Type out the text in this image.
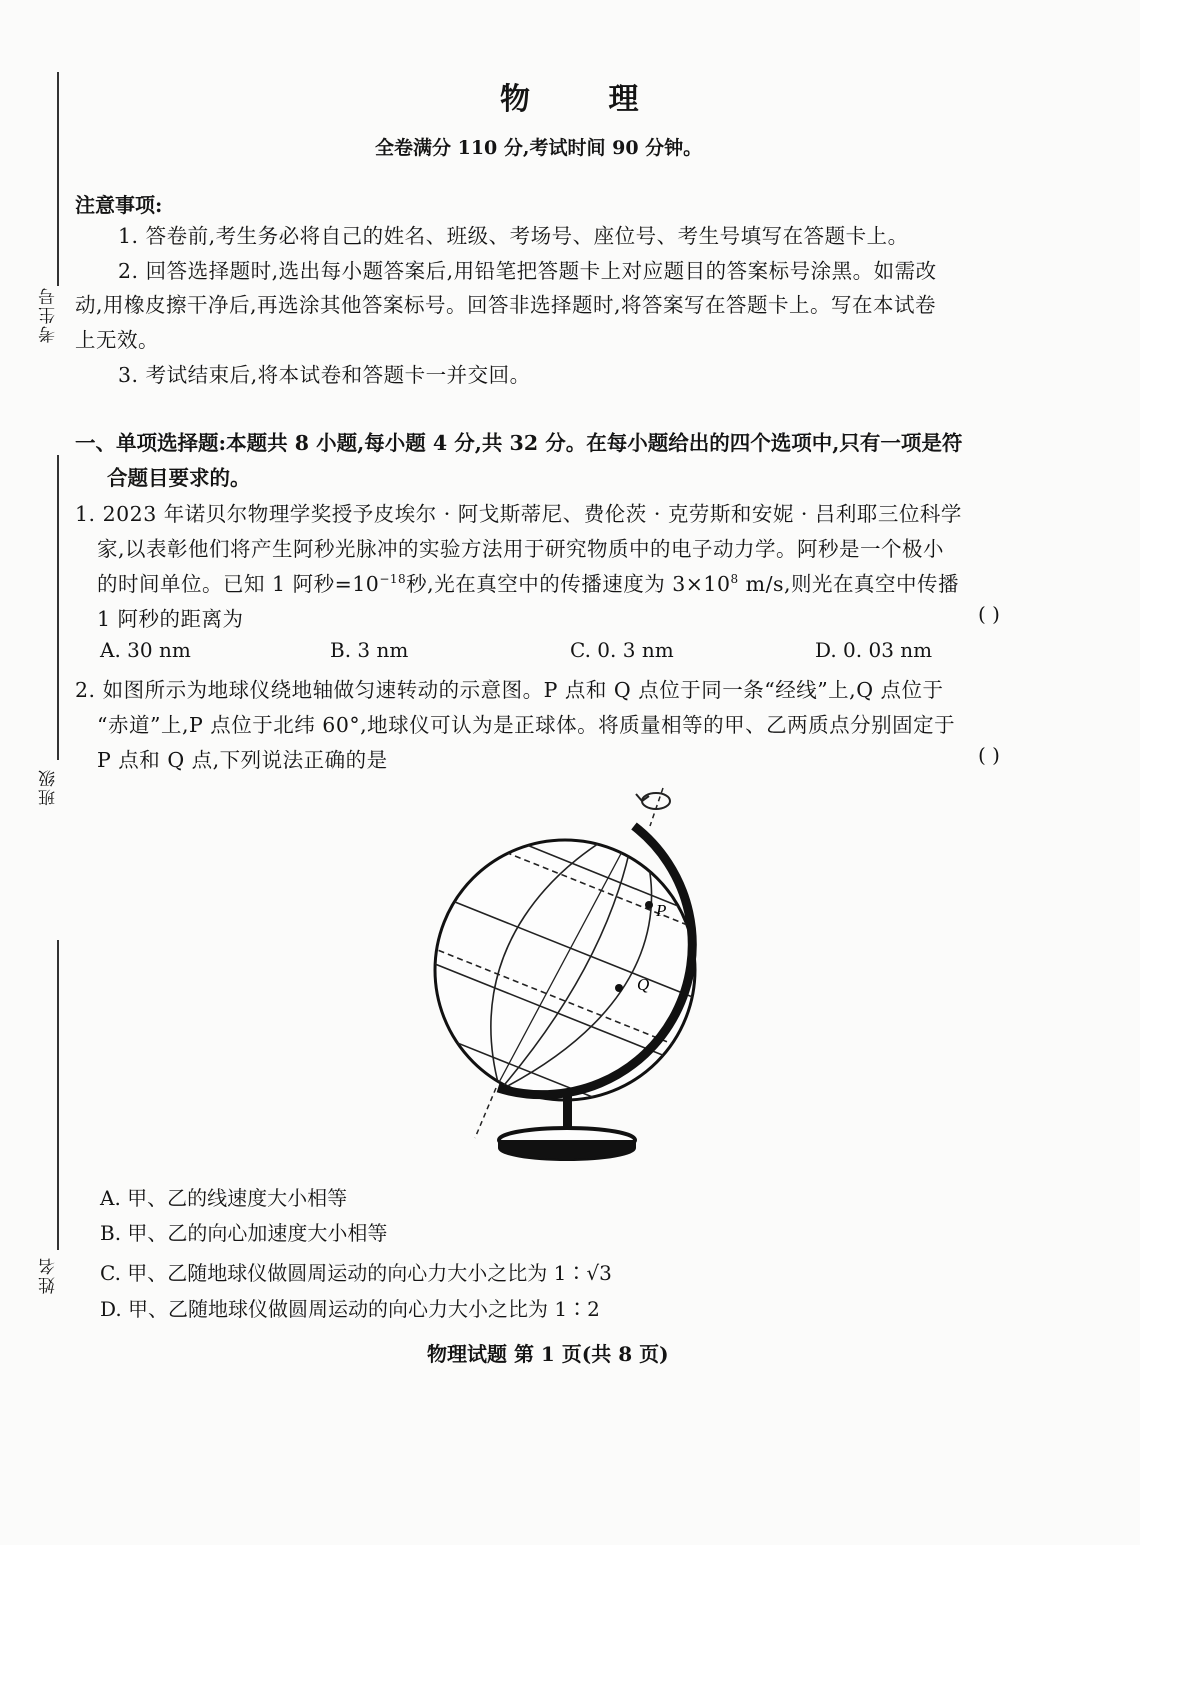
考生号
班级
姓名
物 理
全卷满分 110 分,考试时间 90 分钟。
注意事项:
1. 答卷前,考生务必将自己的姓名、班级、考场号、座位号、考生号填写在答题卡上。
2. 回答选择题时,选出每小题答案后,用铅笔把答题卡上对应题目的答案标号涂黑。如需改
动,用橡皮擦干净后,再选涂其他答案标号。回答非选择题时,将答案写在答题卡上。写在本试卷
上无效。
3. 考试结束后,将本试卷和答题卡一并交回。
一、单项选择题:本题共 8 小题,每小题 4 分,共 32 分。在每小题给出的四个选项中,只有一项是符
合题目要求的。
1. 2023 年诺贝尔物理学奖授予皮埃尔 · 阿戈斯蒂尼、费伦茨 · 克劳斯和安妮 · 吕利耶三位科学
家,以表彰他们将产生阿秒光脉冲的实验方法用于研究物质中的电子动力学。阿秒是一个极小
的时间单位。已知 1 阿秒$=10^{-18}$秒,光在真空中的传播速度为 $3\times 10^8$ m/s,则光在真空中传播
1 阿秒的距离为	( )
A. 30 nm	B. 3 nm	C. 0. 3 nm	D. 0. 03 nm
2. 如图所示为地球仪绕地轴做匀速转动的示意图。P 点和 Q 点位于同一条“经线”上,Q 点位于
“赤道”上,P 点位于北纬 60°,地球仪可认为是正球体。将质量相等的甲、乙两质点分别固定于
P 点和 Q 点,下列说法正确的是	( )
P
Q
A. 甲、乙的线速度大小相等
B. 甲、乙的向心加速度大小相等
C. 甲、乙随地球仪做圆周运动的向心力大小之比为 1∶√3
D. 甲、乙随地球仪做圆周运动的向心力大小之比为 1∶2
物理试题 第 1 页(共 8 页)
